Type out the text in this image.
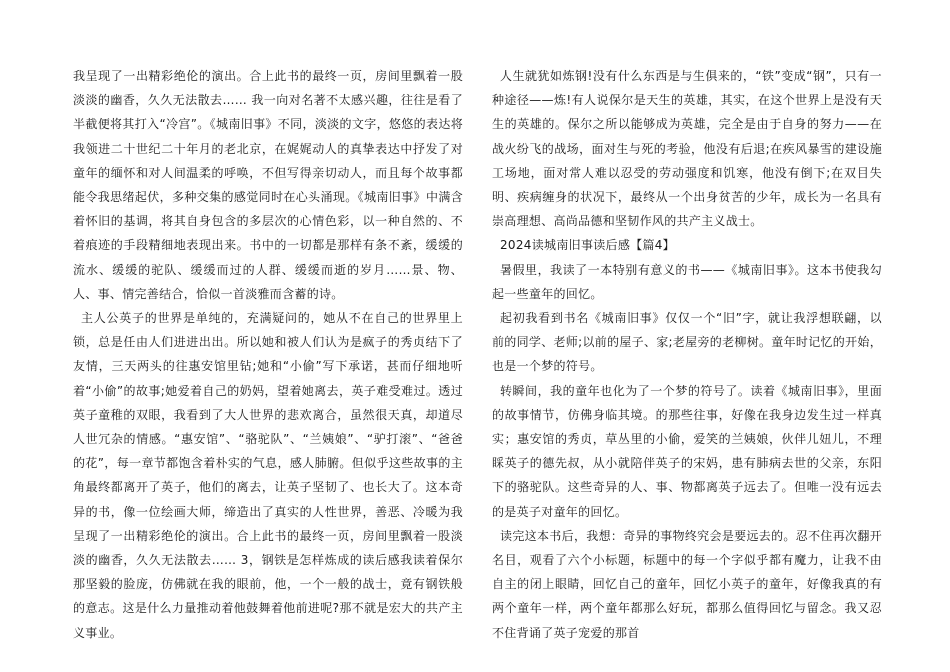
我呈现了一出精彩绝伦的演出。合上此书的最终一页，房间里飘着一股淡淡的幽香，久久无法散去…… 我一向对名著不太感兴趣，往往是看了半截便将其打入“冷宫”。《城南旧事》不同，淡淡的文字，悠悠的表达将我领进二十世纪二十年月的老北京，在娓娓动人的真挚表达中抒发了对童年的缅怀和对人间温柔的呼唤，不但写得亲切动人，而且每个故事都能令我思绪起伏，多种交集的感觉同时在心头涌现。《城南旧事》中满含着怀旧的基调，将其自身包含的多层次的心情色彩，以一种自然的、不着痕迹的手段精细地表现出来。书中的一切都是那样有条不紊，缓缓的流水、缓缓的驼队、缓缓而过的人群、缓缓而逝的岁月……景、物、人、事、情完善结合，恰似一首淡雅而含蓄的诗。

主人公英子的世界是单纯的，充满疑问的，她从不在自己的世界里上锁，总是任由人们进进出出。所以她和被人们认为是疯子的秀贞结下了友情，三天两头的往惠安馆里钻;她和“小偷”写下承诺，甚而仔细地听着“小偷”的故事;她爱着自己的奶妈，望着她离去，英子难受难过。透过英子童稚的双眼，我看到了大人世界的悲欢离合，虽然很天真，却道尽人世冗杂的情感。“惠安馆”、“骆驼队”、“兰姨娘”、“驴打滚”、“爸爸的花”，每一章节都饱含着朴实的气息，感人肺腑。但似乎这些故事的主角最终都离开了英子，他们的离去，让英子坚韧了、也长大了。这本奇异的书，像一位绘画大师，缔造出了真实的人性世界，善恶、冷暖为我呈现了一出精彩绝伦的演出。合上此书的最终一页，房间里飘着一股淡淡的幽香，久久无法散去…… 3，钢铁是怎样炼成的读后感我读着保尔那坚毅的脸庞，仿佛就在我的眼前，他，一个一般的战士，竟有钢铁般的意志。这是什么力量推动着他鼓舞着他前进呢?那不就是宏大的共产主义事业。

人生就犹如炼钢!没有什么东西是与生俱来的，“铁”变成“钢”，只有一种途径——炼!有人说保尔是天生的英雄，其实，在这个世界上是没有天生的英雄的。保尔之所以能够成为英雄，完全是由于自身的努力——在战火纷飞的战场，面对生与死的考验，他没有后退;在疾风暴雪的建设施工场地，面对常人难以忍受的劳动强度和饥寒，他没有倒下;在双目失明、疾病缠身的状况下，最终从一个出身贫苦的少年，成长为一名具有崇高理想、高尚品德和坚韧作风的共产主义战士。

2024读城南旧事读后感【篇4】

暑假里，我读了一本特别有意义的书——《城南旧事》。这本书使我勾起一些童年的回忆。

起初我看到书名《城南旧事》仅仅一个“旧”字，就让我浮想联翩，以前的同学、老师;以前的屋子、家;老屋旁的老柳树。童年时记忆的开始，也是一个梦的符号。

转瞬间，我的童年也化为了一个梦的符号了。读着《城南旧事》，里面的故事情节，仿佛身临其境。的那些往事，好像在我身边发生过一样真实；惠安馆的秀贞，草丛里的小偷，爱笑的兰姨娘，伙伴儿妞儿，不理睬英子的德先叔，从小就陪伴英子的宋妈，患有肺病去世的父亲，东阳下的骆驼队。这些奇异的人、事、物都离英子远去了。但唯一没有远去的是英子对童年的回忆。

读完这本书后，我想：奇异的事物终究会是要远去的。忍不住再次翻开名目，观看了六个小标题，标题中的每一个字似乎都有魔力，让我不由自主的闭上眼睛，回忆自己的童年，回忆小英子的童年，好像我真的有两个童年一样，两个童年都那么好玩，都那么值得回忆与留念。我又忍不住背诵了英子宠爱的那首
